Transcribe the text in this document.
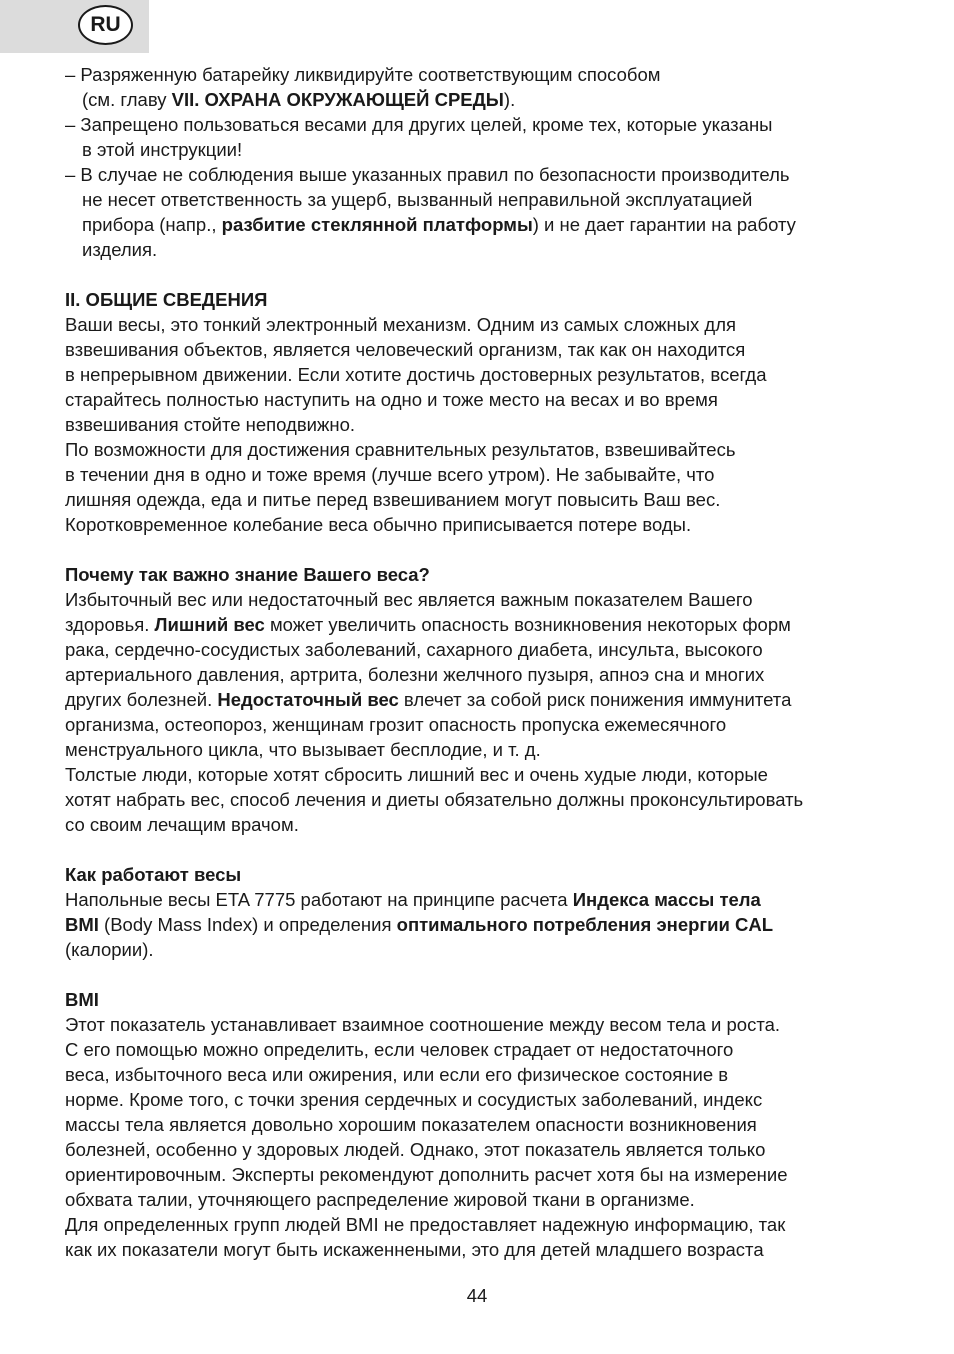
RU
– Разряженную батарейку ликвидируйте соответствующим способом
(см. главу VII. ОХРАНА ОКРУЖАЮЩЕЙ СРЕДЫ).
– Запрещено пользоваться весами для других целей, кроме тех, которые указаны
в этой инструкции!
– В случае не соблюдения выше указанных правил по безопасности производитель
не несет ответственность за ущерб, вызванный неправильной эксплуатацией
прибора (напр., разбитие стеклянной платформы) и не дает гарантии на работу
изделия.
II. ОБЩИЕ СВЕДЕНИЯ
Ваши весы, это тонкий электронный механизм. Одним из самых сложных для
взвешивания объектов, является человеческий организм, так как он находится
в непрерывном движении. Если хотите достичь достоверных результатов, всегда
старайтесь полностью наступить на одно и тоже место на весах и во время
взвешивания стойте неподвижно.
По возможности для достижения сравнительных результатов, взвешивайтесь
в течении дня в одно и тоже время (лучше всего утром). Не забывайте, что
лишняя одежда, еда и питье перед взвешиванием могут повысить Ваш вес.
Коротковременное колебание веса обычно приписывается потере воды.
Почему так важно знание Вашего веса?
Избыточный вес или недостаточный вес является важным показателем Вашего
здоровья. Лишний вес может увеличить опасность возникновения некоторых форм
рака, сердечно-сосудистых заболеваний, сахарного диабета, инсульта, высокого
артериального давления, артрита, болезни желчного пузыря, апноэ сна и многих
других болезней. Недостаточный вес влечет за собой риск понижения иммунитета
организма, остеопороз, женщинам грозит опасность пропуска ежемесячного
менструального цикла, что вызывает бесплодие, и т. д.
Толстые люди, которые хотят сбросить лишний вес и очень худые люди, которые
хотят набрать вес, способ лечения и диеты обязательно должны проконсультировать
со своим лечащим врачом.
Как работают весы
Напольные весы ETA 7775 работают на принципе расчета Индекса массы тела
BMI (Body Mass Index) и определения оптимального потребления энергии CAL
(калории).
BMI
Этот показатель устанавливает взаимное соотношение между весом тела и роста.
С его помощью можно определить, если человек страдает от недостаточного
веса, избыточного веса или ожирения, или если его физическое состояние в
норме. Кроме того, с точки зрения сердечных и сосудистых заболеваний, индекс
массы тела является довольно хорошим показателем опасности возникновения
болезней, особенно у здоровых людей. Однако, этот показатель является только
ориентировочным. Эксперты рекомендуют дополнить расчет хотя бы на измерение
обхвата талии, уточняющего распределение жировой ткани в организме.
Для определенных групп людей BMI не предоставляет надежную информацию, так
как их показатели могут быть искаженнеными, это для детей младшего возраста
44
